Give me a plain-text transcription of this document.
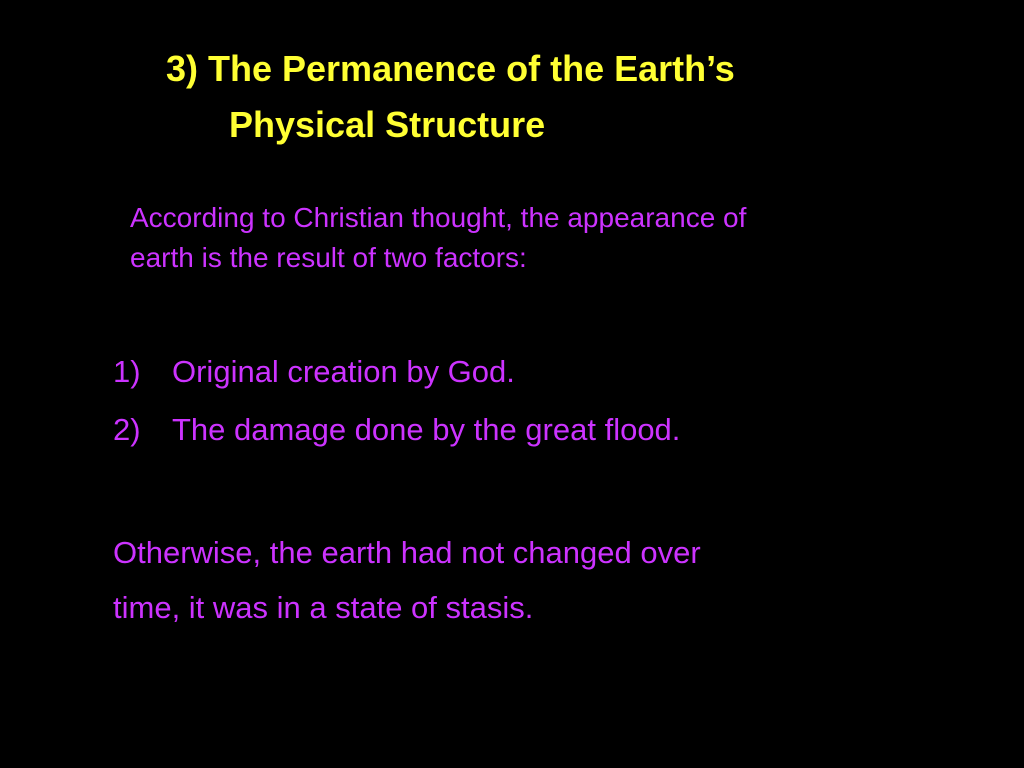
3) The Permanence of the Earth’s
Physical Structure

According to Christian thought, the appearance of
earth is the result of two factors:

1)	Original creation by God.
2)	The damage done by the great flood.

Otherwise, the earth had not changed over
time, it was in a state of stasis.
